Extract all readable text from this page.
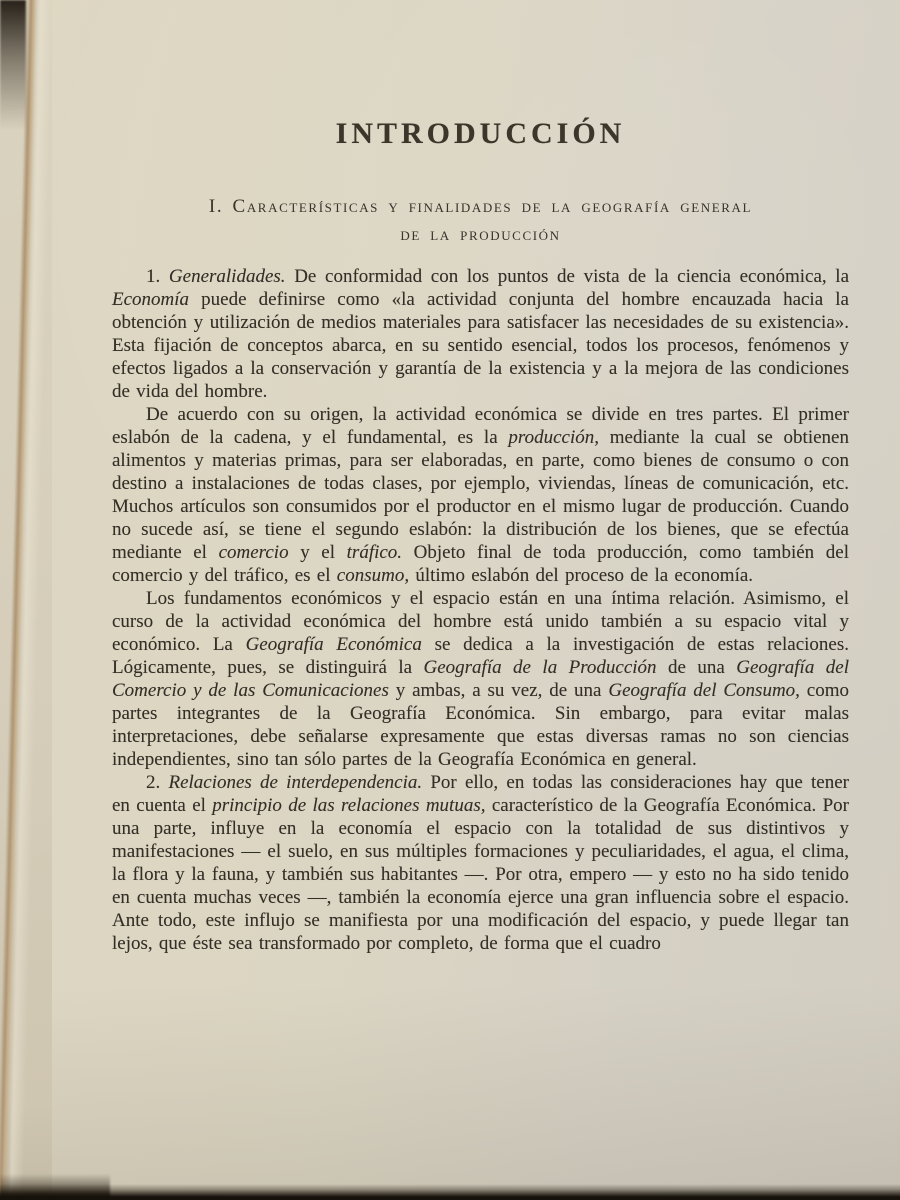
INTRODUCCIÓN
I. Características y finalidades de la geografía general
de la producción

1. Generalidades. De conformidad con los puntos de vista de la ciencia económica, la Economía puede definirse como «la actividad conjunta del hombre encauzada hacia la obtención y utilización de medios materiales para satisfacer las necesidades de su existencia». Esta fijación de conceptos abarca, en su sentido esencial, todos los procesos, fenómenos y efectos ligados a la conservación y garantía de la existencia y a la mejora de las condiciones de vida del hombre.

De acuerdo con su origen, la actividad económica se divide en tres partes. El primer eslabón de la cadena, y el fundamental, es la producción, mediante la cual se obtienen alimentos y materias primas, para ser elaboradas, en parte, como bienes de consumo o con destino a instalaciones de todas clases, por ejemplo, viviendas, líneas de comunicación, etc. Muchos artículos son consumidos por el productor en el mismo lugar de producción. Cuando no sucede así, se tiene el segundo eslabón: la distribución de los bienes, que se efectúa mediante el comercio y el tráfico. Objeto final de toda producción, como también del comercio y del tráfico, es el consumo, último eslabón del proceso de la economía.

Los fundamentos económicos y el espacio están en una íntima relación. Asimismo, el curso de la actividad económica del hombre está unido también a su espacio vital y económico. La Geografía Económica se dedica a la investigación de estas relaciones. Lógicamente, pues, se distinguirá la Geografía de la Producción de una Geografía del Comercio y de las Comunicaciones y ambas, a su vez, de una Geografía del Consumo, como partes integrantes de la Geografía Económica. Sin embargo, para evitar malas interpretaciones, debe señalarse expresamente que estas diversas ramas no son ciencias independientes, sino tan sólo partes de la Geografía Económica en general.

2. Relaciones de interdependencia. Por ello, en todas las consideraciones hay que tener en cuenta el principio de las relaciones mutuas, característico de la Geografía Económica. Por una parte, influye en la economía el espacio con la totalidad de sus distintivos y manifestaciones — el suelo, en sus múltiples formaciones y peculiaridades, el agua, el clima, la flora y la fauna, y también sus habitantes —. Por otra, empero — y esto no ha sido tenido en cuenta muchas veces —, también la economía ejerce una gran influencia sobre el espacio. Ante todo, este influjo se manifiesta por una modificación del espacio, y puede llegar tan lejos, que éste sea transformado por completo, de forma que el cuadro
